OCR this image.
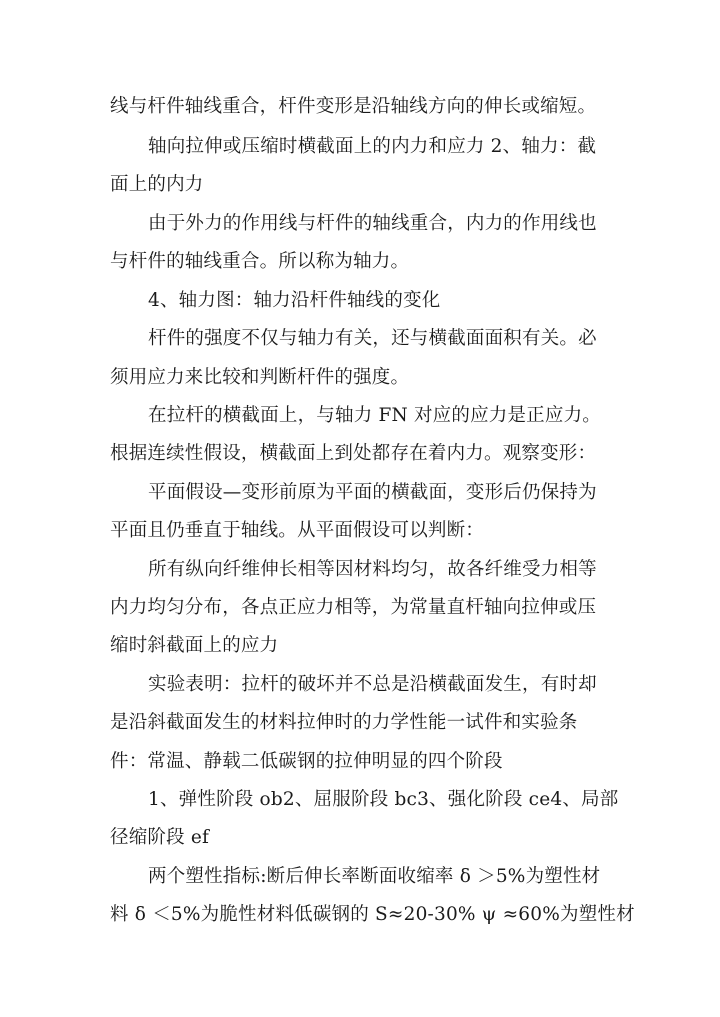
线与杆件轴线重合，杆件变形是沿轴线方向的伸长或缩短。
轴向拉伸或压缩时横截面上的内力和应力 2、轴力：截
面上的内力
由于外力的作用线与杆件的轴线重合，内力的作用线也
与杆件的轴线重合。所以称为轴力。
4、轴力图：轴力沿杆件轴线的变化
杆件的强度不仅与轴力有关，还与横截面面积有关。必
须用应力来比较和判断杆件的强度。
在拉杆的横截面上，与轴力 FN 对应的应力是正应力。
根据连续性假设，横截面上到处都存在着内力。观察变形：
平面假设—变形前原为平面的横截面，变形后仍保持为
平面且仍垂直于轴线。从平面假设可以判断：
所有纵向纤维伸长相等因材料均匀，故各纤维受力相等
内力均匀分布，各点正应力相等，为常量直杆轴向拉伸或压
缩时斜截面上的应力
实验表明：拉杆的破坏并不总是沿横截面发生，有时却
是沿斜截面发生的材料拉伸时的力学性能一试件和实验条
件：常温、静载二低碳钢的拉伸明显的四个阶段
1、弹性阶段 ob2、屈服阶段 bc3、强化阶段 ce4、局部
径缩阶段 ef
两个塑性指标:断后伸长率断面收缩率 δ ＞5%为塑性材
料 δ ＜5%为脆性材料低碳钢的 S≈20-30% ψ ≈60%为塑性材
